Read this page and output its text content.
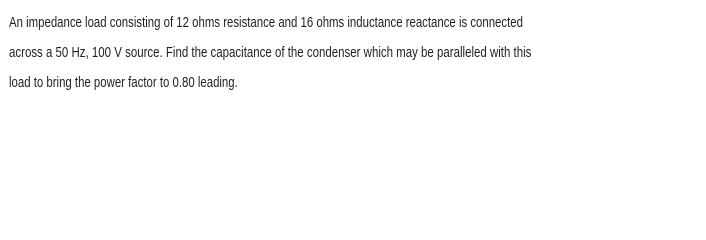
An impedance load consisting of 12 ohms resistance and 16 ohms inductance reactance is connected
across a 50 Hz, 100 V source. Find the capacitance of the condenser which may be paralleled with this
load to bring the power factor to 0.80 leading.
